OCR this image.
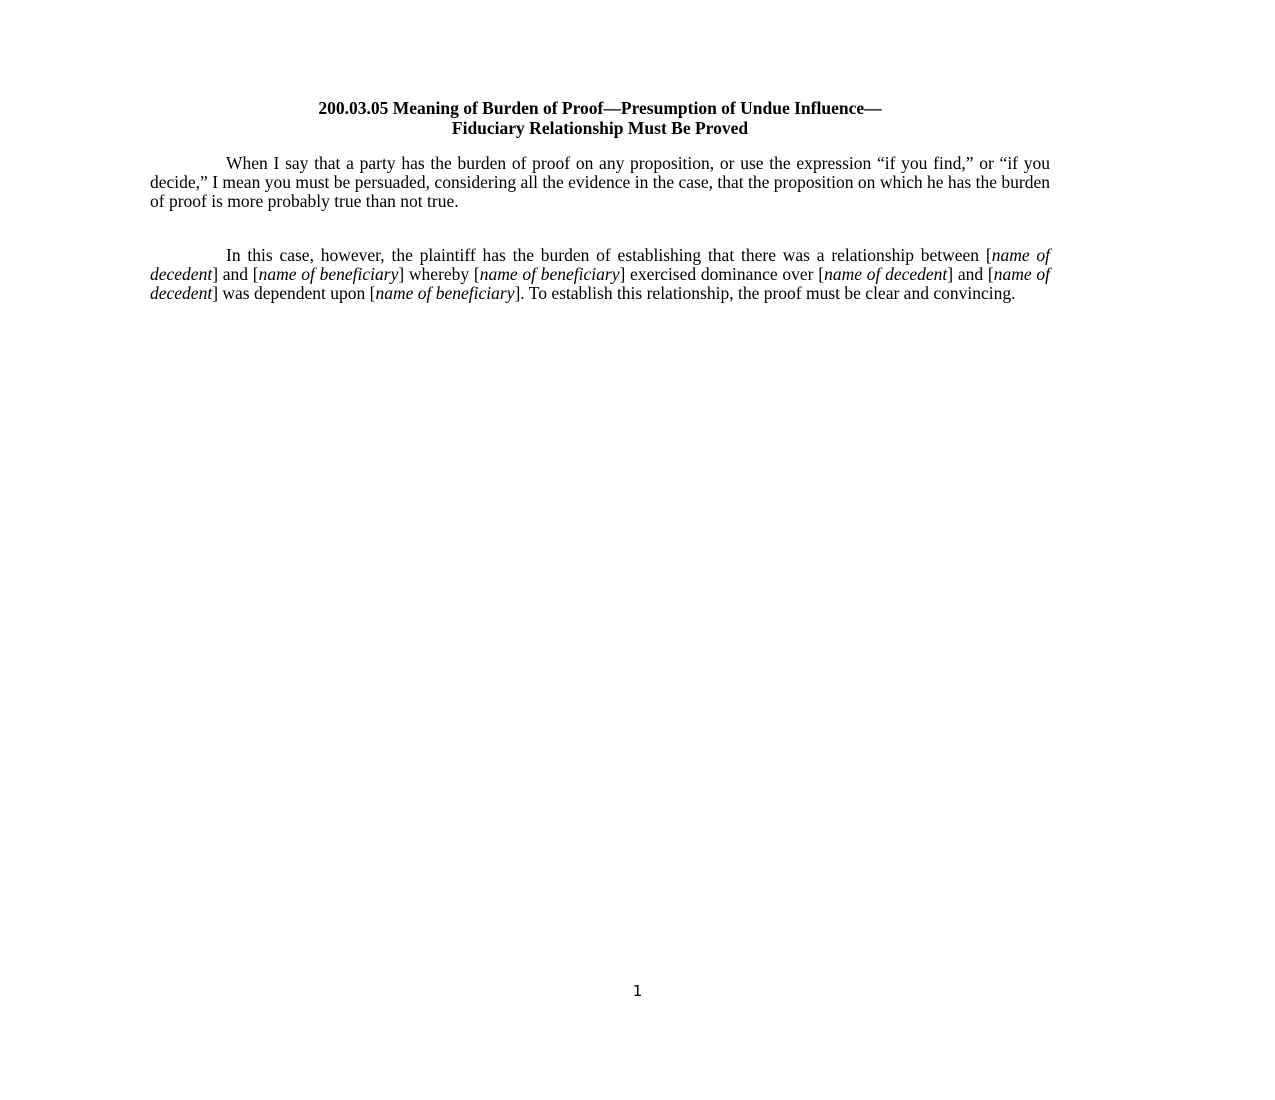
200.03.05 Meaning of Burden of Proof—Presumption of Undue Influence—
Fiduciary Relationship Must Be Proved

When I say that a party has the burden of proof on any proposition, or use the expression “if you find,” or “if you decide,” I mean you must be persuaded, considering all the evidence in the case, that the proposition on which he has the burden of proof is more probably true than not true.

In this case, however, the plaintiff has the burden of establishing that there was a relationship between [name of decedent] and [name of beneficiary] whereby [name of beneficiary] exercised dominance over [name of decedent] and [name of decedent] was dependent upon [name of beneficiary]. To establish this relationship, the proof must be clear and convincing.

1
